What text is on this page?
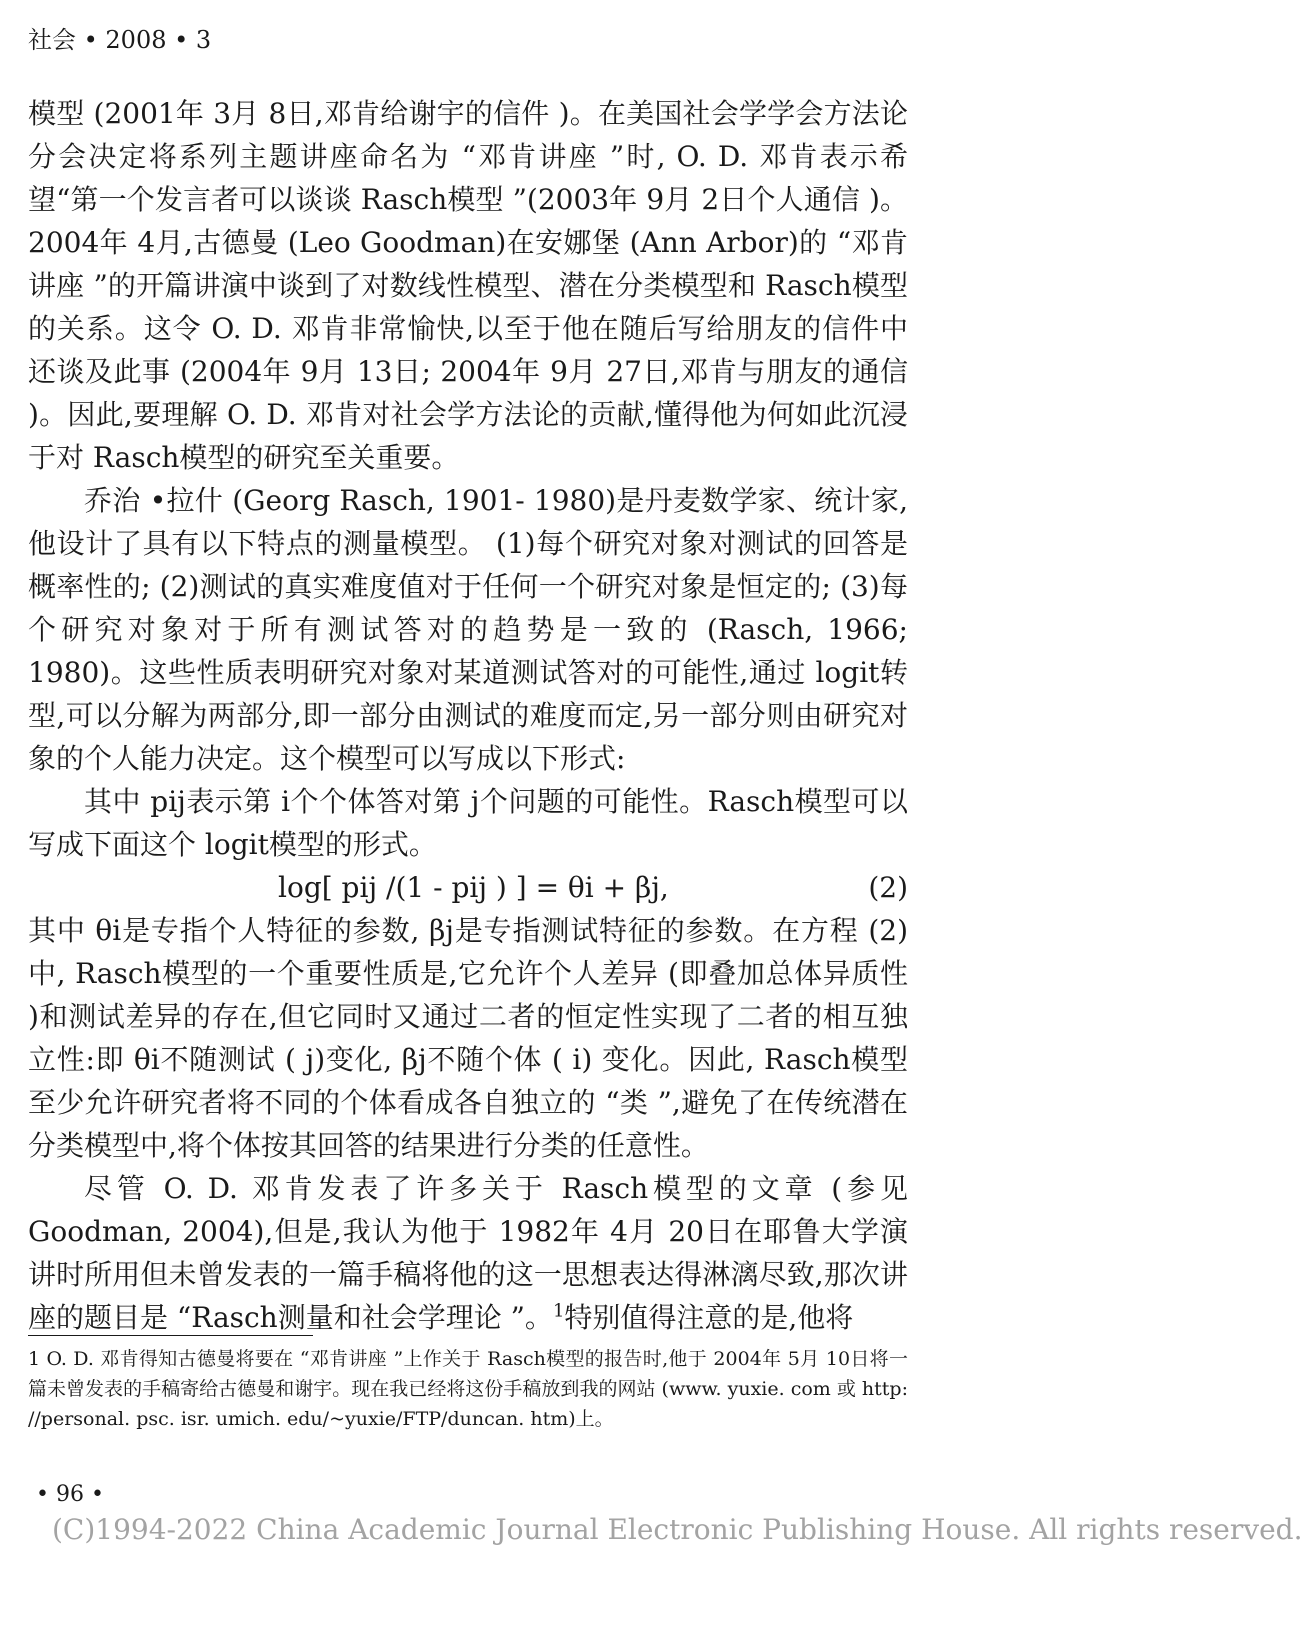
社会 • 2008 • 3

模型 (2001年 3月 8日,邓肯给谢宇的信件 )。在美国社会学学会方法论分会决定将系列主题讲座命名为 “邓肯讲座 ”时, O. D. 邓肯表示希望“第一个发言者可以谈谈 Rasch模型 ”(2003年 9月 2日个人通信 )。2004年 4月,古德曼 (Leo Goodman)在安娜堡 (Ann Arbor)的 “邓肯讲座 ”的开篇讲演中谈到了对数线性模型、潜在分类模型和 Rasch模型的关系。这令 O. D. 邓肯非常愉快,以至于他在随后写给朋友的信件中还谈及此事 (2004年 9月 13日; 2004年 9月 27日,邓肯与朋友的通信 )。因此,要理解 O. D. 邓肯对社会学方法论的贡献,懂得他为何如此沉浸于对 Rasch模型的研究至关重要。

乔治 •拉什 (Georg Rasch, 1901- 1980)是丹麦数学家、统计家,他设计了具有以下特点的测量模型。 (1)每个研究对象对测试的回答是概率性的; (2)测试的真实难度值对于任何一个研究对象是恒定的; (3)每个研究对象对于所有测试答对的趋势是一致的 (Rasch, 1966; 1980)。这些性质表明研究对象对某道测试答对的可能性,通过 logit转型,可以分解为两部分,即一部分由测试的难度而定,另一部分则由研究对象的个人能力决定。这个模型可以写成以下形式:

其中 pij表示第 i个个体答对第 j个问题的可能性。Rasch模型可以写成下面这个 logit模型的形式。

log[ pij /(1 - pij ) ] = θi + βj,	(2)

其中 θi是专指个人特征的参数, βj是专指测试特征的参数。在方程 (2)中, Rasch模型的一个重要性质是,它允许个人差异 (即叠加总体异质性 )和测试差异的存在,但它同时又通过二者的恒定性实现了二者的相互独立性:即 θi不随测试 ( j)变化, βj不随个体 ( i) 变化。因此, Rasch模型至少允许研究者将不同的个体看成各自独立的 “类 ”,避免了在传统潜在分类模型中,将个体按其回答的结果进行分类的任意性。

尽管 O. D. 邓肯发表了许多关于 Rasch模型的文章 (参见 Goodman, 2004),但是,我认为他于 1982年 4月 20日在耶鲁大学演讲时所用但未曾发表的一篇手稿将他的这一思想表达得淋漓尽致,那次讲座的题目是 “Rasch测量和社会学理论 ”。$^1$特别值得注意的是,他将

1 O. D. 邓肯得知古德曼将要在 “邓肯讲座 ”上作关于 Rasch模型的报告时,他于 2004年 5月 10日将一篇未曾发表的手稿寄给古德曼和谢宇。现在我已经将这份手稿放到我的网站 (www. yuxie. com 或 http: //personal. psc. isr. umich. edu/~yuxie/FTP/duncan. htm)上。

• 96 •
(C)1994-2022 China Academic Journal Electronic Publishing House. All rights reserved.
